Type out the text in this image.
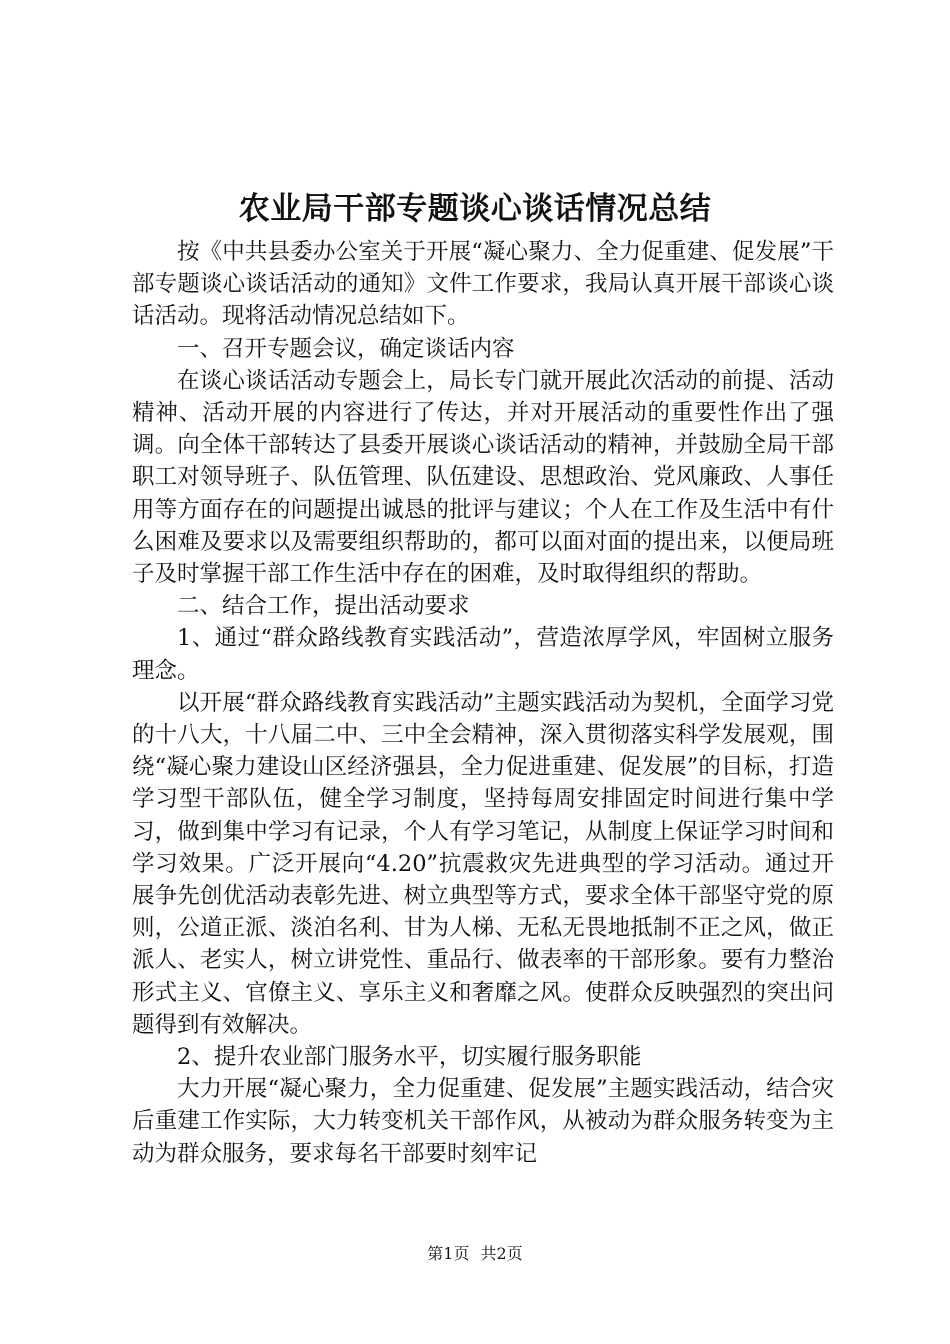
农业局干部专题谈心谈话情况总结

按《中共县委办公室关于开展“凝心聚力、全力促重建、促发展”干部专题谈心谈话活动的通知》文件工作要求，我局认真开展干部谈心谈话活动。现将活动情况总结如下。

一、召开专题会议，确定谈话内容

在谈心谈话活动专题会上，局长专门就开展此次活动的前提、活动精神、活动开展的内容进行了传达，并对开展活动的重要性作出了强调。向全体干部转达了县委开展谈心谈话活动的精神，并鼓励全局干部职工对领导班子、队伍管理、队伍建设、思想政治、党风廉政、人事任用等方面存在的问题提出诚恳的批评与建议；个人在工作及生活中有什么困难及要求以及需要组织帮助的，都可以面对面的提出来，以便局班子及时掌握干部工作生活中存在的困难，及时取得组织的帮助。

二、结合工作，提出活动要求

1、通过“群众路线教育实践活动”，营造浓厚学风，牢固树立服务理念。

以开展“群众路线教育实践活动”主题实践活动为契机，全面学习党的十八大，十八届二中、三中全会精神，深入贯彻落实科学发展观，围绕“凝心聚力建设山区经济强县，全力促进重建、促发展”的目标，打造学习型干部队伍，健全学习制度，坚持每周安排固定时间进行集中学习，做到集中学习有记录，个人有学习笔记，从制度上保证学习时间和学习效果。广泛开展向“4.20”抗震救灾先进典型的学习活动。通过开展争先创优活动表彰先进、树立典型等方式，要求全体干部坚守党的原则，公道正派、淡泊名利、甘为人梯、无私无畏地抵制不正之风，做正派人、老实人，树立讲党性、重品行、做表率的干部形象。要有力整治形式主义、官僚主义、享乐主义和奢靡之风。使群众反映强烈的突出问题得到有效解决。

2、提升农业部门服务水平，切实履行服务职能

大力开展“凝心聚力，全力促重建、促发展”主题实践活动，结合灾后重建工作实际，大力转变机关干部作风，从被动为群众服务转变为主动为群众服务，要求每名干部要时刻牢记

第1页 共2页
